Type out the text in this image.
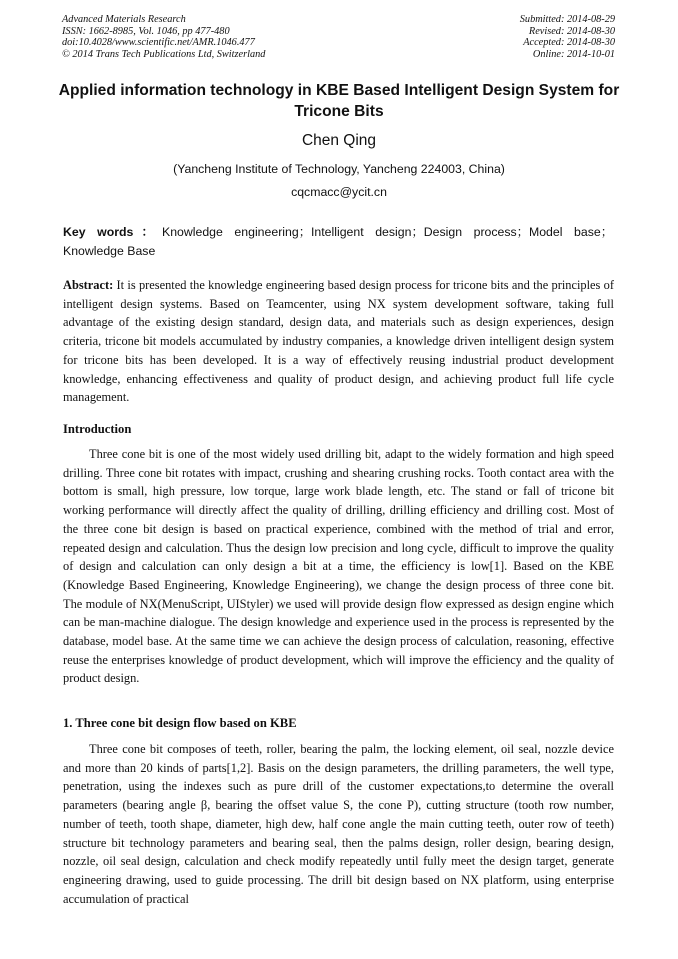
Advanced Materials Research
ISSN: 1662-8985, Vol. 1046, pp 477-480
doi:10.4028/www.scientific.net/AMR.1046.477
© 2014 Trans Tech Publications Ltd, Switzerland
Submitted: 2014-08-29
Revised: 2014-08-30
Accepted: 2014-08-30
Online: 2014-10-01
Applied information technology in KBE Based Intelligent Design System for Tricone Bits
Chen Qing
(Yancheng Institute of Technology, Yancheng 224003, China)
cqcmacc@ycit.cn
Key words：Knowledge engineering；Intelligent design；Design process；Model base；Knowledge Base
Abstract: It is presented the knowledge engineering based design process for tricone bits and the principles of intelligent design systems. Based on Teamcenter, using NX system development software, taking full advantage of the existing design standard, design data, and materials such as design experiences, design criteria, tricone bit models accumulated by industry companies, a knowledge driven intelligent design system for tricone bits has been developed. It is a way of effectively reusing industrial product development knowledge, enhancing effectiveness and quality of product design, and achieving product full life cycle management.
Introduction
Three cone bit is one of the most widely used drilling bit, adapt to the widely formation and high speed drilling. Three cone bit rotates with impact, crushing and shearing crushing rocks. Tooth contact area with the bottom is small, high pressure, low torque, large work blade length, etc. The stand or fall of tricone bit working performance will directly affect the quality of drilling, drilling efficiency and drilling cost. Most of the three cone bit design is based on practical experience, combined with the method of trial and error, repeated design and calculation. Thus the design low precision and long cycle, difficult to improve the quality of design and calculation can only design a bit at a time, the efficiency is low[1]. Based on the KBE (Knowledge Based Engineering, Knowledge Engineering), we change the design process of three cone bit. The module of NX(MenuScript, UIStyler) we used will provide design flow expressed as design engine which can be man-machine dialogue. The design knowledge and experience used in the process is represented by the database, model base. At the same time we can achieve the design process of calculation, reasoning, effective reuse the enterprises knowledge of product development, which will improve the efficiency and the quality of product design.
1. Three cone bit design flow based on KBE
Three cone bit composes of teeth, roller, bearing the palm, the locking element, oil seal, nozzle device and more than 20 kinds of parts[1,2]. Basis on the design parameters, the drilling parameters, the well type, penetration, using the indexes such as pure drill of the customer expectations,to determine the overall parameters (bearing angle β, bearing the offset value S, the cone P), cutting structure (tooth row number, number of teeth, tooth shape, diameter, high dew, half cone angle the main cutting teeth, outer row of teeth) structure bit technology parameters and bearing seal, then the palms design, roller design, bearing design, nozzle, oil seal design, calculation and check modify repeatedly until fully meet the design target, generate engineering drawing, used to guide processing. The drill bit design based on NX platform, using enterprise accumulation of practical
